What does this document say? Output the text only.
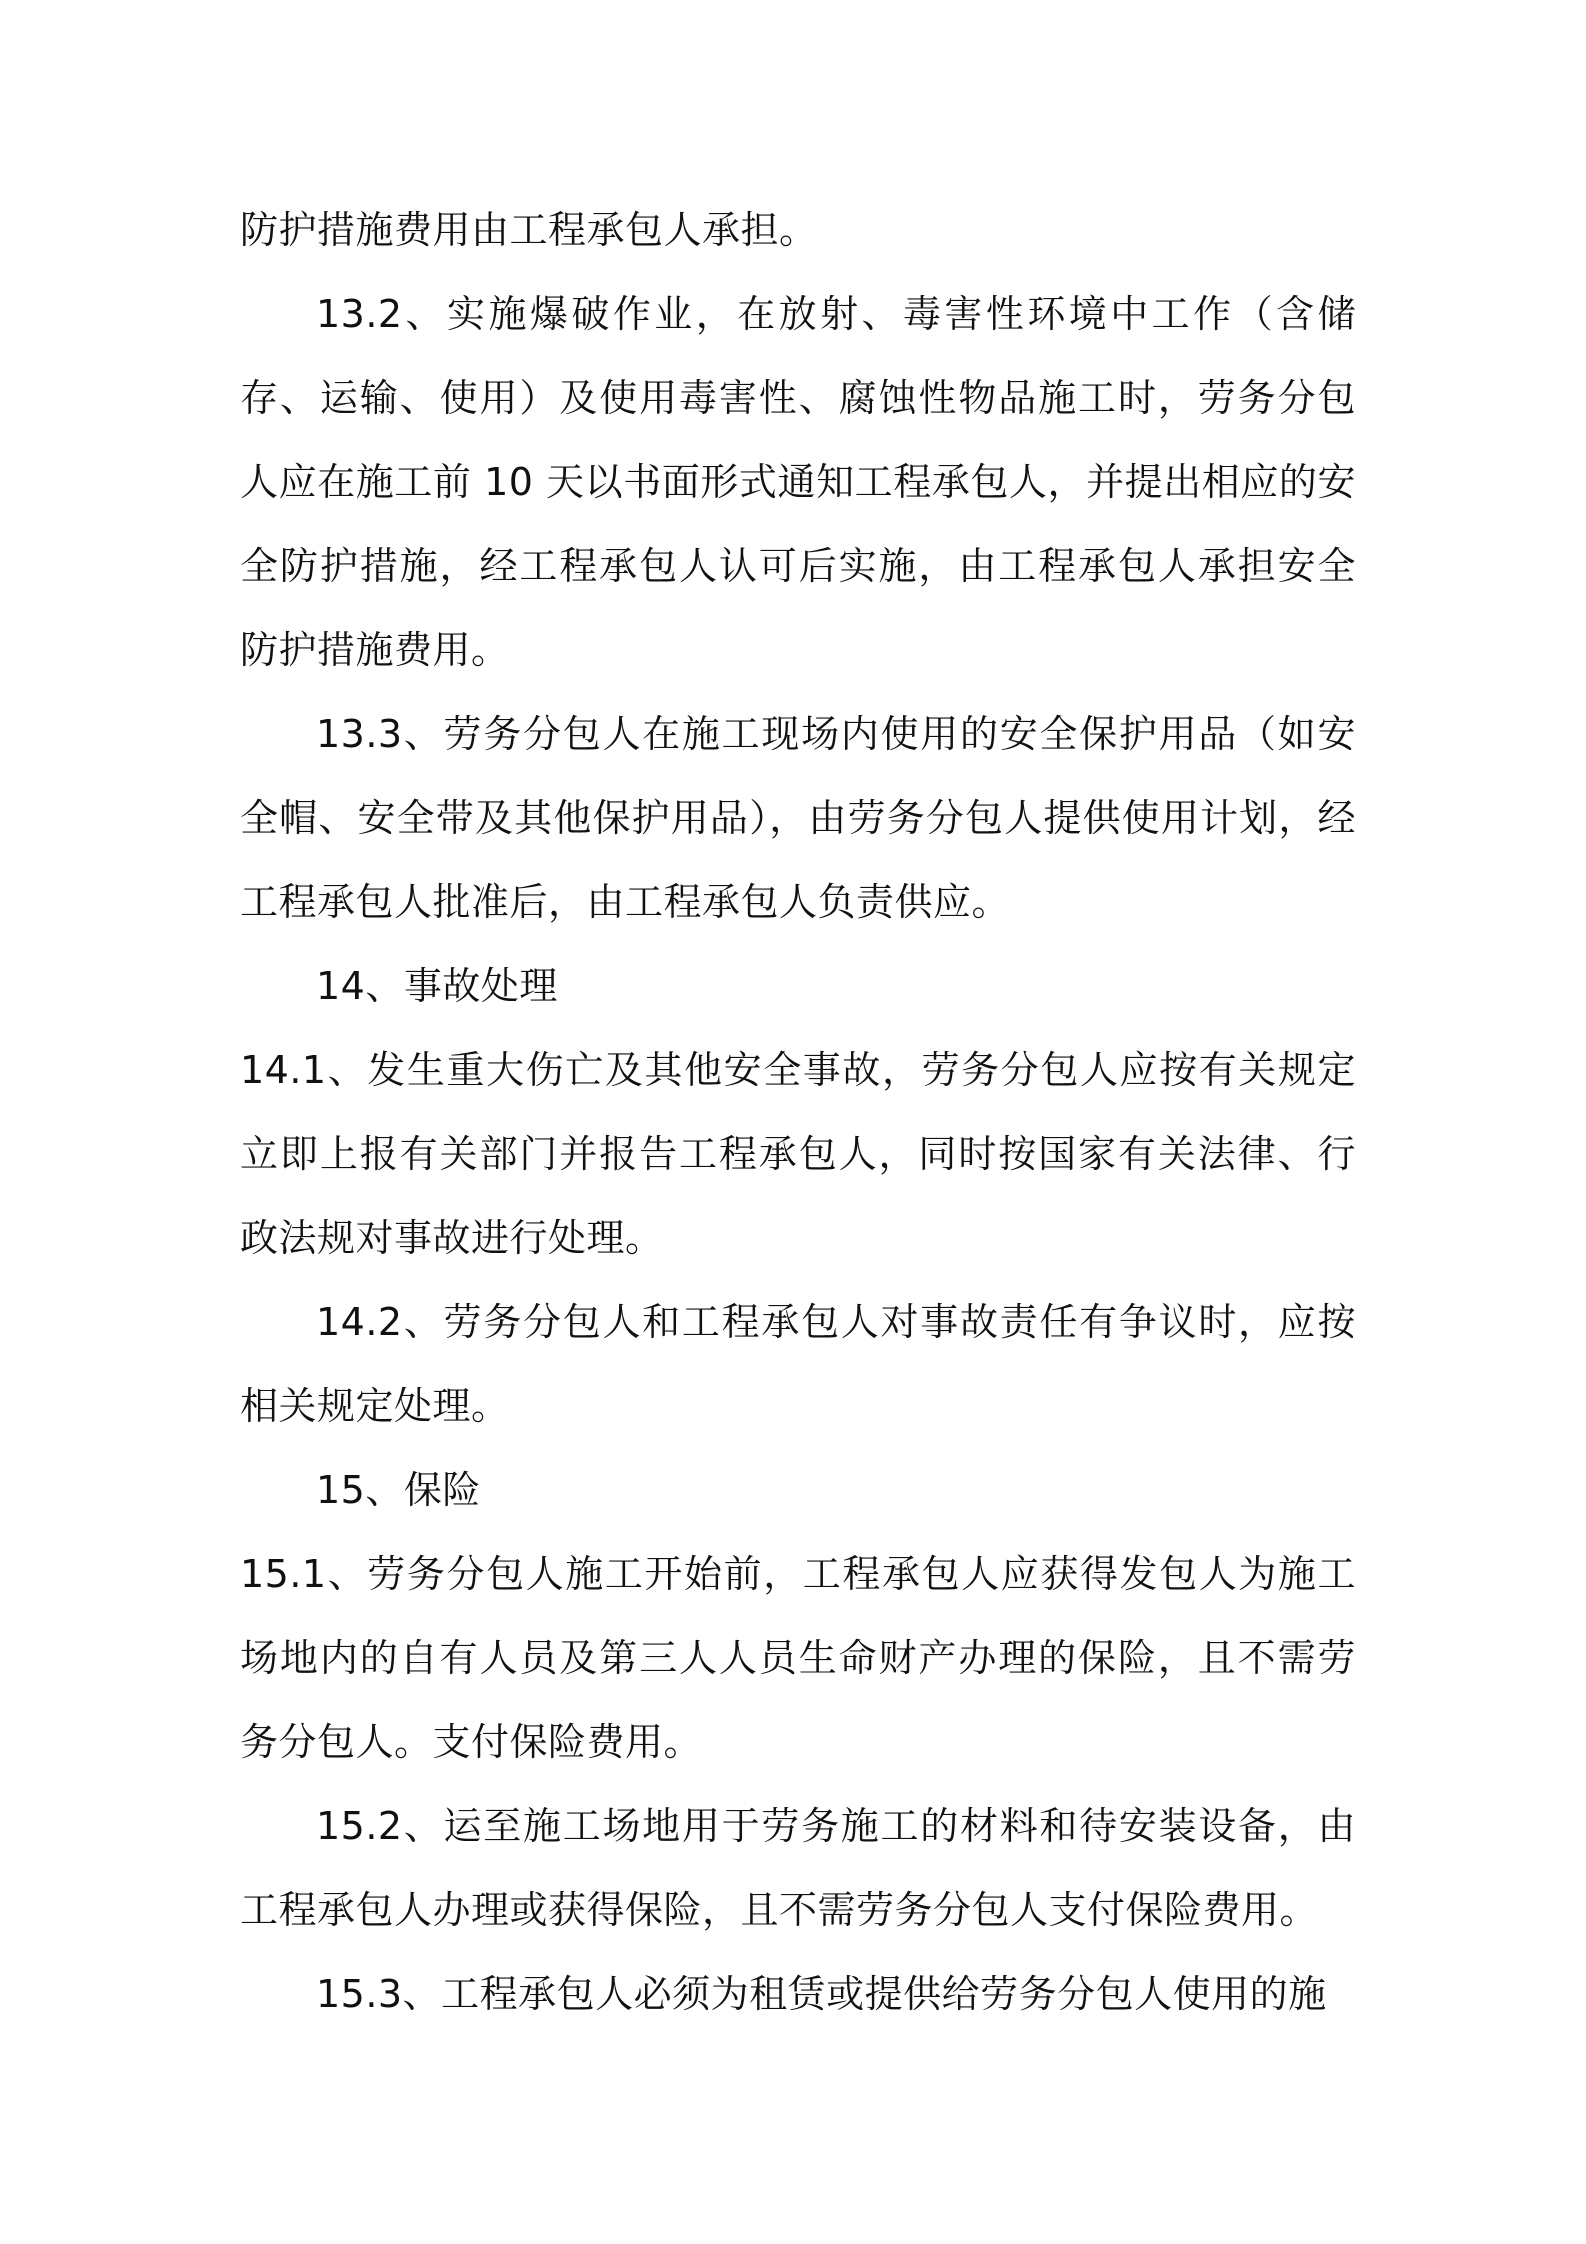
防护措施费用由工程承包人承担。

13.2、实施爆破作业，在放射、毒害性环境中工作（含储存、运输、使用）及使用毒害性、腐蚀性物品施工时，劳务分包人应在施工前 10 天以书面形式通知工程承包人，并提出相应的安全防护措施，经工程承包人认可后实施，由工程承包人承担安全防护措施费用。

13.3、劳务分包人在施工现场内使用的安全保护用品（如安全帽、安全带及其他保护用品），由劳务分包人提供使用计划，经工程承包人批准后，由工程承包人负责供应。

14、事故处理

14.1、发生重大伤亡及其他安全事故，劳务分包人应按有关规定立即上报有关部门并报告工程承包人，同时按国家有关法律、行政法规对事故进行处理。

14.2、劳务分包人和工程承包人对事故责任有争议时，应按相关规定处理。

15、保险

15.1、劳务分包人施工开始前，工程承包人应获得发包人为施工场地内的自有人员及第三人人员生命财产办理的保险，且不需劳务分包人。支付保险费用。

15.2、运至施工场地用于劳务施工的材料和待安装设备，由工程承包人办理或获得保险，且不需劳务分包人支付保险费用。

15.3、工程承包人必须为租赁或提供给劳务分包人使用的施
